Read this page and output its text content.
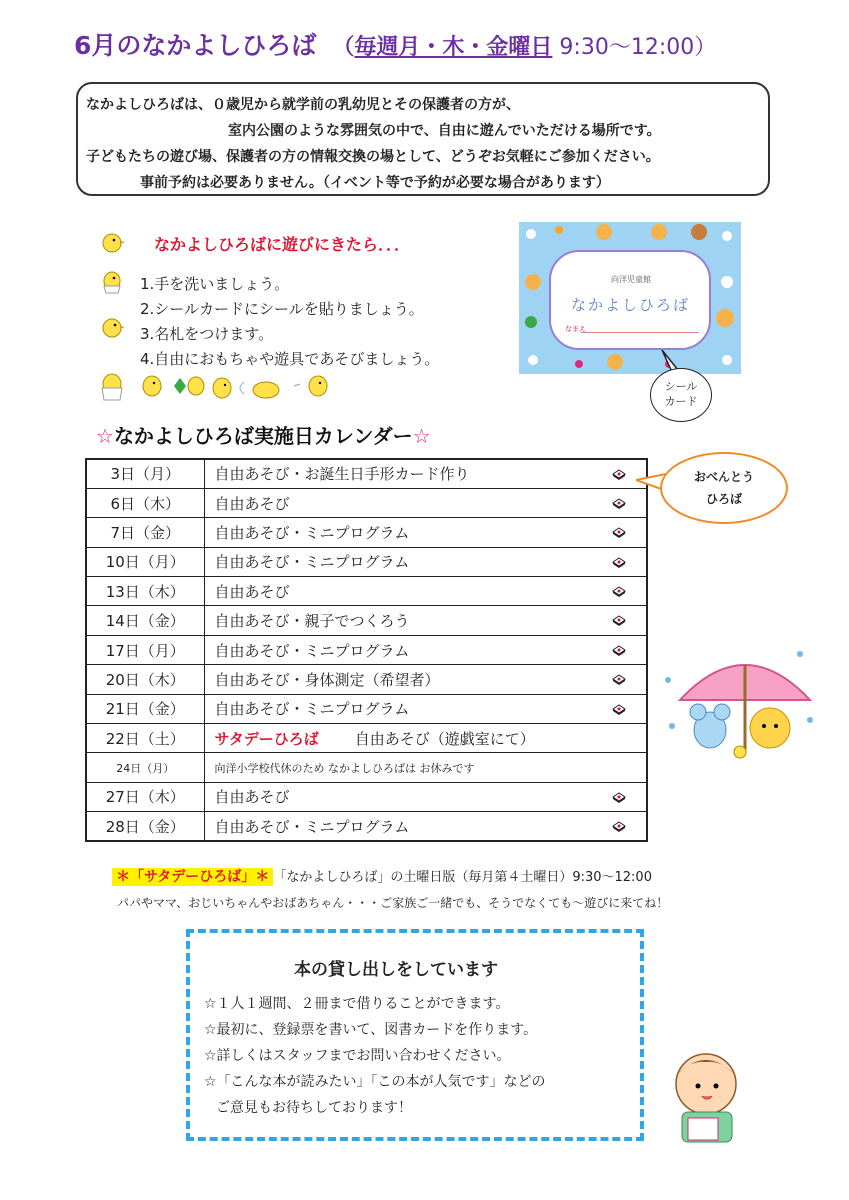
6月のなかよしひろば （毎週月・木・金曜日 9:30〜12:00）
なかよしひろばは、０歳児から就学前の乳幼児とその保護者の方が、
室内公園のような雰囲気の中で、自由に遊んでいただける場所です。
子どもたちの遊び場、保護者の方の情報交換の場として、どうぞお気軽にご参加ください。
事前予約は必要ありません。（イベント等で予約が必要な場合があります）
なかよしひろばに遊びにきたら．．．
1.手を洗いましょう。
2.シールカードにシールを貼りましょう。
3.名札をつけます。
4.自由におもちゃや遊具であそびましょう。
向洋児童館
なかよしひろば
なまえ
シール
カード
☆なかよしひろば実施日カレンダー☆
3日（月）	自由あそび・お誕生日手形カード作り

6日（木）	自由あそび

7日（金）	自由あそび・ミニプログラム

10日（月）	自由あそび・ミニプログラム

13日（木）	自由あそび

14日（金）	自由あそび・親子でつくろう

17日（月）	自由あそび・ミニプログラム

20日（木）	自由あそび・身体測定（希望者）

21日（金）	自由あそび・ミニプログラム

22日（土）	サタデーひろば 自由あそび（遊戯室にて）
24日（月）	向洋小学校代休のため なかよしひろばは お休みです
27日（木）	自由あそび

28日（金）	自由あそび・ミニプログラム
おべんとう
ひろば
＊「サタデーひろば」＊ 「なかよしひろば」の土曜日版（毎月第４土曜日）9:30〜12:00
パパやママ、おじいちゃんやおばあちゃん・・・ご家族ご一緒でも、そうでなくても〜遊びに来てね！
本の貸し出しをしています
☆１人１週間、２冊まで借りることができます。
☆最初に、登録票を書いて、図書カードを作ります。
☆詳しくはスタッフまでお問い合わせください。
☆「こんな本が読みたい」「この本が人気です」などの
ご意見もお待ちしております！
